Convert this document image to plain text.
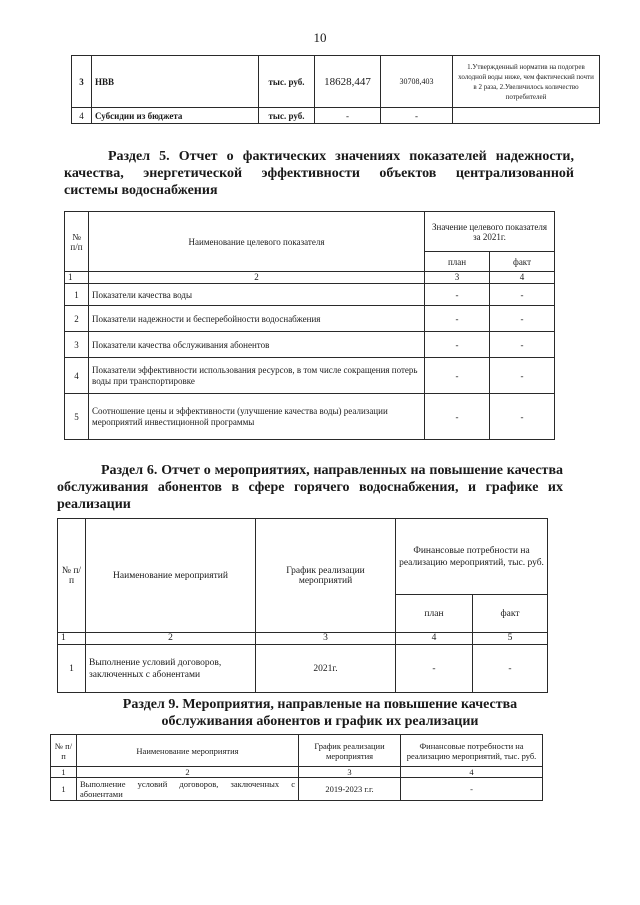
10
3	НВВ	тыс. руб.	18628,447	30708,403	1.Утвержденный норматив на подогрев холодной воды ниже, чем фактический почти в 2 раза, 2.Увеличилось количество потребителей
4	Субсидии из бюджета	тыс. руб.	-	-	
Раздел 5. Отчет о фактических значениях показателей надежности,
качества, энергетической эффективности объектов централизованной
системы водоснабжения
№ п/п	Наименование целевого показателя	Значение целевого показателя за 2021г.	
		план	факт
1	2	3	4
1	Показатели качества воды	-	-
2	Показатели надежности и бесперебойности водоснабжения	-	-
3	Показатели качества обслуживания абонентов	-	-
4	Показатели эффективности использования ресурсов, в том числе сокращения потерь воды при транспортировке	-	-
5	Соотношение цены и эффективности (улучшение качества воды) реализации мероприятий инвестиционной программы	-	-
Раздел 6. Отчет о мероприятиях, направленных на повышение качества
обслуживания абонентов в сфере горячего водоснабжения, и графике их
реализации
№ п/п	Наименование мероприятий	График реализации мероприятий	Финансовые потребности на реализацию мероприятий, тыс. руб.	
			план	факт
1	2	3	4	5
1	Выполнение условий договоров, заключенных с абонентами	2021г.	-	-
Раздел 9. Мероприятия, направленые на повышение качества
обслуживания абонентов и график их реализации
№ п/п	Наименование мероприятия	График реализации мероприятия	Финансовые потребности на реализацию мероприятий, тыс. руб.
1	2	3	4
1	Выполнение условий договоров, заключенных с абонентами	2019-2023 г.г.	-
